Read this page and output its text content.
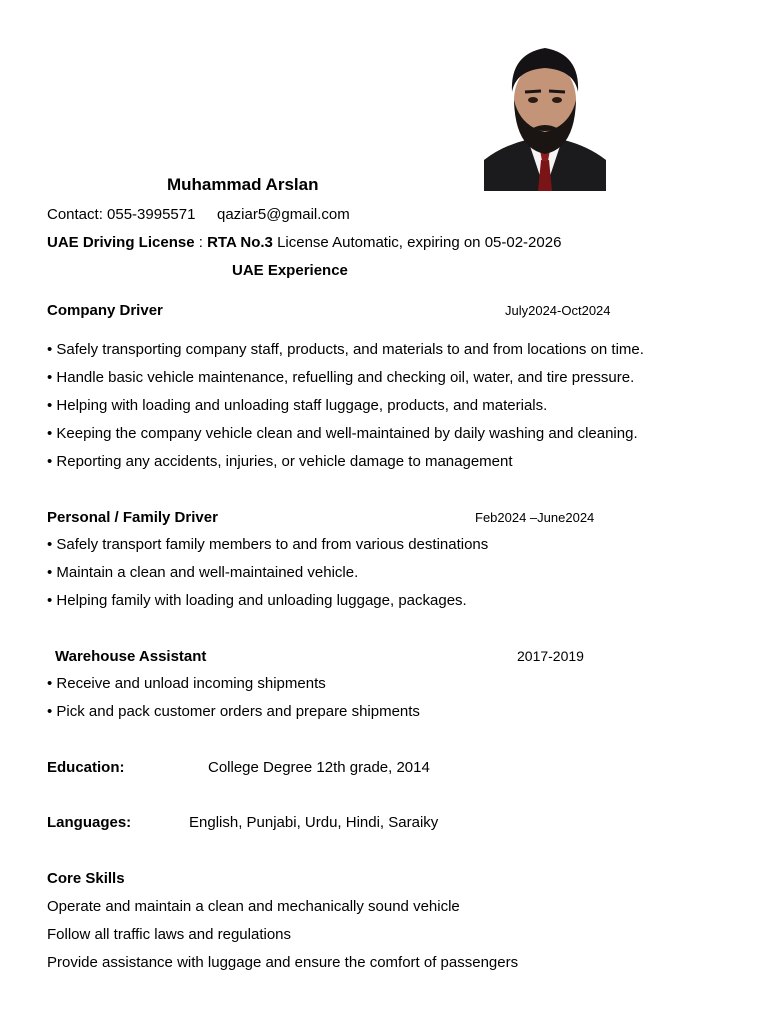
Muhammad Arslan
Contact: 055-3995571 qaziar5@gmail.com
UAE Driving License : RTA No.3 License Automatic, expiring on 05-02-2026
UAE Experience
Company Driver	July2024-Oct2024
• Safely transporting company staff, products, and materials to and from locations on time.
• Handle basic vehicle maintenance, refuelling and checking oil, water, and tire pressure.
• Helping with loading and unloading staff luggage, products, and materials.
• Keeping the company vehicle clean and well-maintained by daily washing and cleaning.
• Reporting any accidents, injuries, or vehicle damage to management
Personal / Family Driver	Feb2024 –June2024
• Safely transport family members to and from various destinations
• Maintain a clean and well-maintained vehicle.
• Helping family with loading and unloading luggage, packages.
Warehouse Assistant	2017-2019
• Receive and unload incoming shipments
• Pick and pack customer orders and prepare shipments
Education:	College Degree 12th grade, 2014
Languages:	English, Punjabi, Urdu, Hindi, Saraiky
Core Skills
Operate and maintain a clean and mechanically sound vehicle
Follow all traffic laws and regulations
Provide assistance with luggage and ensure the comfort of passengers
